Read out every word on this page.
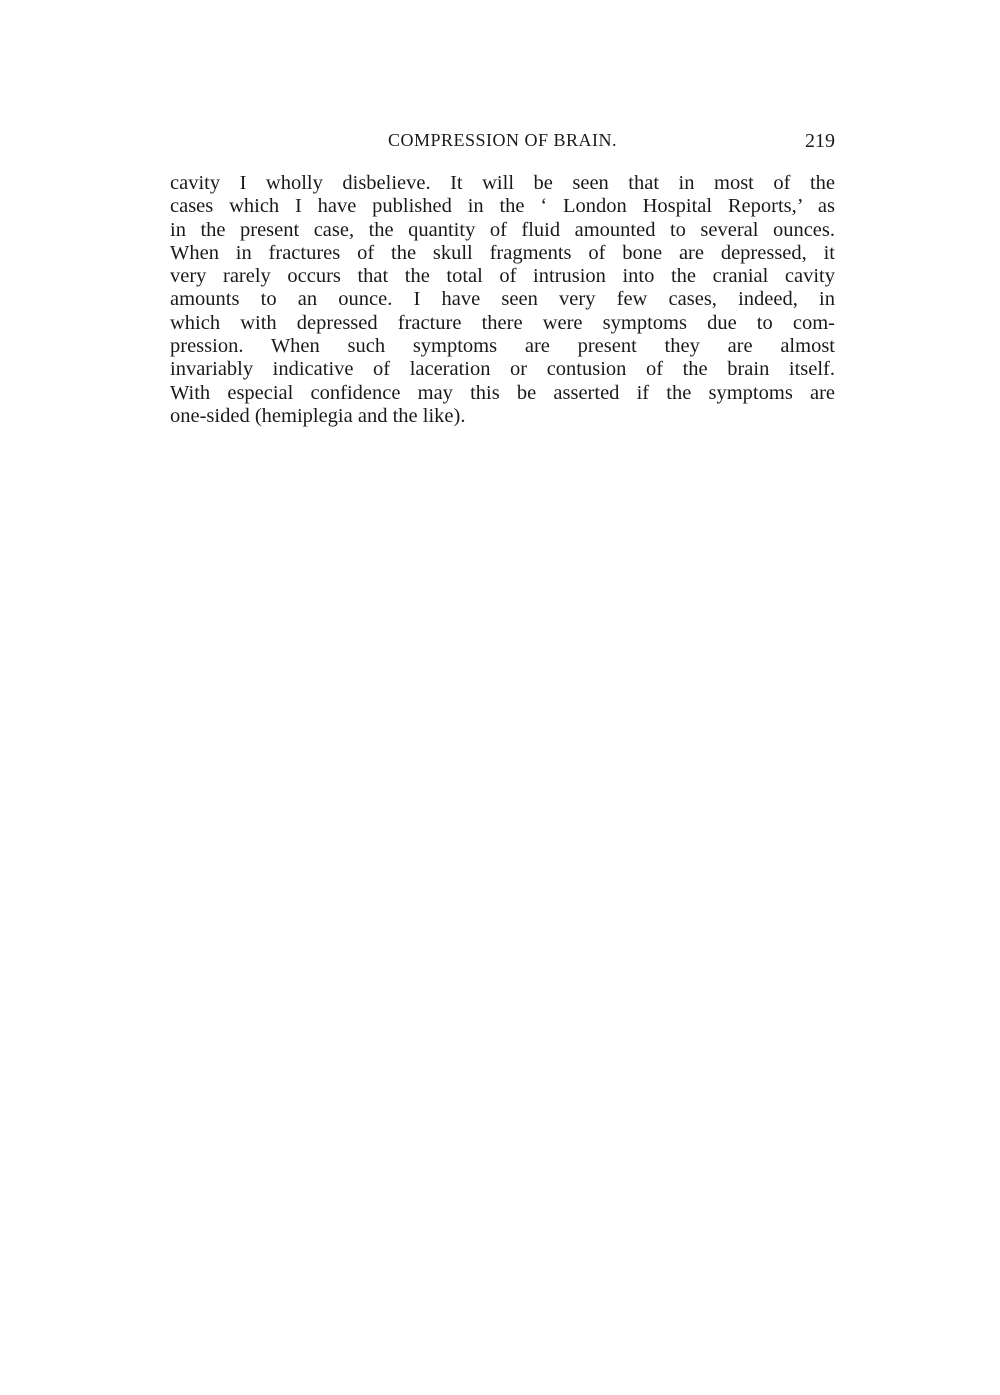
COMPRESSION OF BRAIN.	219
cavity I wholly disbelieve. It will be seen that in most of the
cases which I have published in the ‘ London Hospital Reports,’ as
in the present case, the quantity of fluid amounted to several ounces.
When in fractures of the skull fragments of bone are depressed, it
very rarely occurs that the total of intrusion into the cranial cavity
amounts to an ounce. I have seen very few cases, indeed, in
which with depressed fracture there were symptoms due to com-
pression. When such symptoms are present they are almost
invariably indicative of laceration or contusion of the brain itself.
With especial confidence may this be asserted if the symptoms are
one-sided (hemiplegia and the like).
